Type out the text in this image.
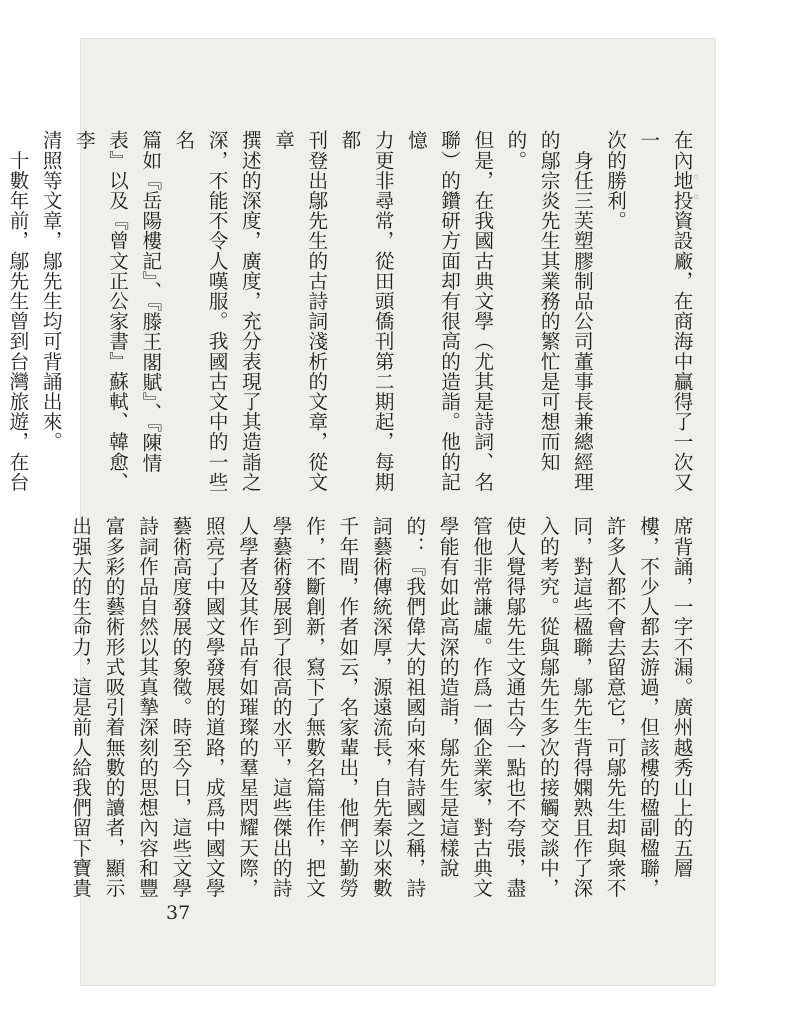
在內地投資設廠，在商海中贏得了一次又一

次的勝利。

　身任三芙塑膠制品公司董事長兼總經理

的鄔宗炎先生其業務的繁忙是可想而知的。

但是，在我國古典文學（尤其是詩詞、名

聯）的鑽研方面却有很高的造詣。他的記憶

力更非尋常，從田頭僑刊第二期起，每期都

刊登出鄔先生的古詩詞淺析的文章，從文章

撰述的深度，廣度，充分表現了其造詣之

深，不能不令人嘆服。我國古文中的一些名

篇如『岳陽樓記』、『滕王閣賦』、『陳情

表』以及『曾文正公家書』蘇軾、韓愈、李

清照等文章，鄔先生均可背誦出來。

　十數年前，鄔先生曾到台灣旅遊，在台

席背誦，一字不漏。廣州越秀山上的五層

樓，不少人都去游過，但該樓的楹副楹聯，

許多人都不會去留意它，可鄔先生却與衆不

同，對這些楹聯，鄔先生背得嫻熟且作了深

入的考究。從與鄔先生多次的接觸交談中，

使人覺得鄔先生文通古今一點也不夸張，盡

管他非常謙虛。作爲一個企業家，對古典文

學能有如此高深的造詣，鄔先生是這樣說

的：『我們偉大的祖國向來有詩國之稱，詩

詞藝術傳統深厚，源遠流長，自先秦以來數

千年間，作者如云，名家輩出，他們辛勤勞

作，不斷創新，寫下了無數名篇佳作，把文

學藝術發展到了很高的水平，這些傑出的詩

人學者及其作品有如璀璨的羣星閃耀天際，

照亮了中國文學發展的道路，成爲中國文學

藝術高度發展的象徵。時至今日，這些文學

詩詞作品自然以其真摯深刻的思想內容和豐

富多彩的藝術形式吸引着無數的讀者，顯示

出强大的生命力，這是前人給我們留下寶貴

37
◦
◦
